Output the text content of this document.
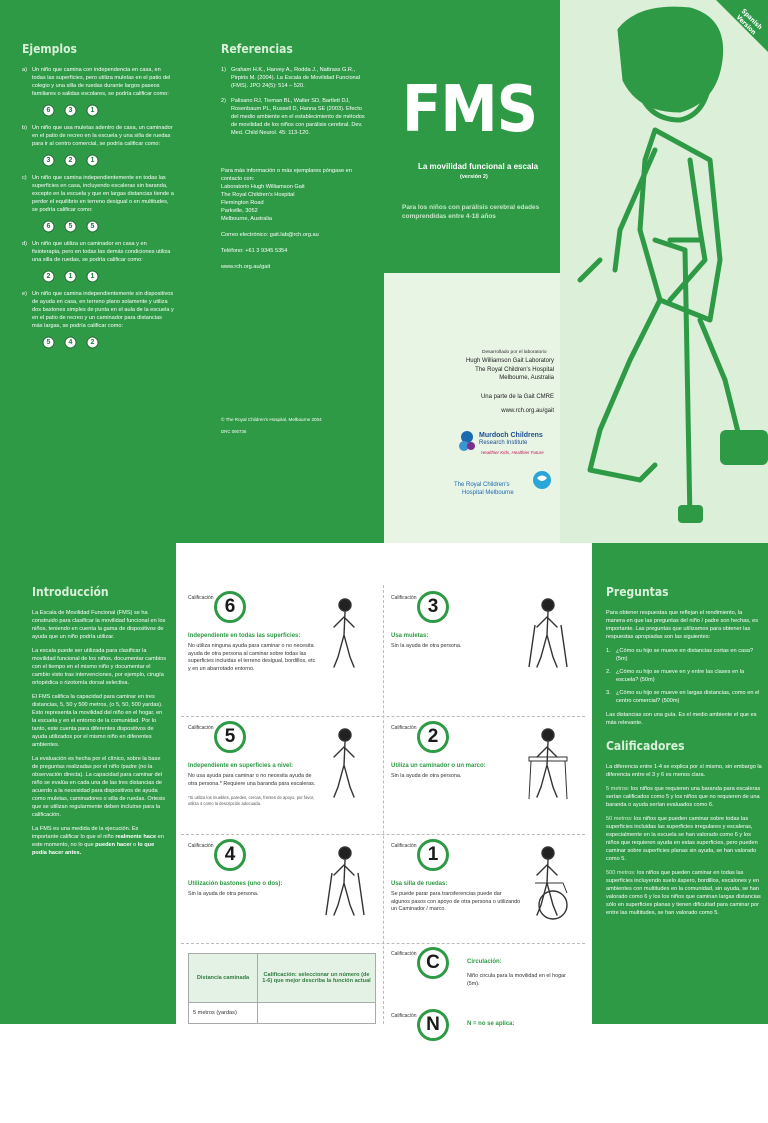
Ejemplos
a) Un niño que camina con independencia en casa, en todas las superficies, pero utiliza muletas en el patio del colegio y una silla de ruedas durante largos paseos familiares o salidas escolares, se podría calificar como:
6	3	1
b) Un niño que usa muletas adentro de casa, un caminador en el patio de recreo en la escuela y una silla de ruedas para ir al centro comercial, se podría calificar como:
3	2	1
c) Un niño que camina independientemente en todas las superficies en casa, incluyendo escaleras sin baranda, excepto en la escuela y que en largas distancias tiende a perder el equilibrio en terreno desigual o en multitudes, se podría calificar como:
6	5	5
d) Un niño que utiliza un caminador en casa y en fisioterapia, pero en todas las demás condiciones utiliza una silla de ruedas, se podría calificar como:
2	1	1
e) Un niño que camina independientemente sin dispositivos de ayuda en casa, en terreno plano solamente y utiliza dos bastones simples de punta en el aula de la escuela y en el patio de recreo y un caminador para distancias más largas, se podría calificar como:
5	4	2
Referencias
1) Graham H.K., Harvey A., Rodda J., Nattrass G.R., Pirpiris M. (2004). La Escala de Movilidad Funcional (FMS). JPO 24(5): 514 – 520.
2) Palisano RJ, Tieman BL, Walter SD, Bartlett DJ, Rosenbaum PL, Russell D, Hanna SE (2003). Efecto del medio ambiente en el establecimiento de métodos de movilidad de los niños con parálisis cerebral. Dev. Med. Child Neurol. 45: 113-120.
Para más información o más ejemplares póngase en contacto con:
Laboratorio Hugh Williamson Gait
The Royal Children's Hospital
Flemington Road
Parkville, 3052
Melbourne, Australia
Correo electrónico: gait.lab@rch.org.au
Teléfono: +61 3 9345 5354
www.rch.org.au/gait
© The Royal Children's Hospital, Melbourne 2004
DRC 090736
Spanish Version
FMS
La movilidad funcional a escala
(versión 2)
Para los niños con parálisis cerebral edades comprendidas entre 4-18 años
Desarrollado por el laboratorio
Hugh Williamson Gait Laboratory
The Royal Children's Hospital
Melbourne, Australia
Una parte de la Gait CMRE
www.rch.org.au/gait
Murdoch Childrens
Research Institute
Healthier Kids, Healthier Future
The Royal Children's
Hospital Melbourne
Introducción

La Escala de Movilidad Funcional (FMS) se ha construido para clasificar la movilidad funcional en los niños, teniendo en cuenta la gama de dispositivos de ayuda que un niño podría utilizar.

La escala puede ser utilizada para clasificar la movilidad funcional de los niños, documentar cambios con el tiempo en el mismo niño y documentar el cambio visto tras intervenciones, por ejemplo, cirugía ortopédica o rizotomía dorsal selectiva.

El FMS califica la capacidad para caminar en tres distancias, 5, 50 y 500 metros, (o 5, 50, 500 yardas). Esto representa la movilidad del niño en el hogar, en la escuela y en el entorno de la comunidad. Por lo tanto, este cuenta para diferentes dispositivos de ayuda utilizados por el mismo niño en diferentes ambientes.

La evaluación es hecha por el clínico, sobre la base de preguntas realizadas por el niño /padre (no la observación directa). La capacidad para caminar del niño se evalúa en cada una de las tres distancias de acuerdo a la necesidad para dispositivos de ayuda como muletas, caminadores o silla de ruedas. Ortesis que se utilizan regularmente deben incluirse para la calificación.

La FMS es una medida de la ejecución. Es importante calificar lo que el niño realmente hace en este momento, no lo que pueden hacer o lo que podía hacer antes.
Calificación 6
Independiente en todas las superficies:
No utiliza ninguna ayuda para caminar o no necesita ayuda de otra persona al caminar sobre todas las superficies incluidas el terreno desigual, bordillos, etc y en un abarrotado entorno.
Calificación 3
Usa muletas:
Sin la ayuda de otra persona.
Calificación 5
Independiente en superficies a nivel:
No usa ayuda para caminar o no necesita ayuda de otra persona.* Requiere una baranda para escaleras.
*Si utiliza los muebles, paredes, cercas, frentes de apoyo, por favor, utiliza 4 como la descripción adecuada.
Calificación 2
Utiliza un caminador o un marco:
Sin la ayuda de otra persona.
Calificación 4
Utilización bastones (uno o dos):
Sin la ayuda de otra persona.
Calificación 1
Usa silla de ruedas:
Se puede parar para transferencias puede dar algunos pasos con apoyo de otra persona o utilizando un Caminador / marco.
Calificación C	Circulación:
Niño circula para la movilidad en el hogar (5m).
Calificación N	N = no se aplica:
Distancia caminada	Calificación: seleccionar un número (de 1-6) que mejor describa la función actual
5 metros (yardas)	
Preguntas
Para obtener respuestas que reflejan el rendimiento, la manera en que las preguntas del niño / padre son hechas, es importante. Las preguntas que utilizamos para obtener las respuestas apropiadas son las siguientes:
1. ¿Cómo su hijo se mueve en distancias cortas en casa? (5m)
2. ¿Cómo su hijo se mueve en y entre las clases en la escuela? (50m)
3. ¿Cómo su hijo se mueve en largas distancias, como en el centro comercial? (500m)
Las distancias son una guía. Es el medio ambiente el que es más relevante.
Calificadores

La diferencia entre 1-4 se explica por sí mismo, sin embargo la diferencia entre el 3 y 6 es menos clara.

5 metros: los niños que requieren una baranda para escaleras serían calificados como 5 y los niños que no requieren de una baranda o ayuda serían evaluados como 6.

50 metros: los niños que pueden caminar sobre todas las superficies incluidas las superficies irregulares y escaleras, especialmente en la escuela se han valorado como 6 y los niños que requieren ayuda en estas superficies, pero pueden caminar sobre superficies planas sin ayuda, se han valorado como 5.

500 metros: los niños que pueden caminar en todas las superficies incluyendo suelo áspero, bordillos, escalones y en ambientes con multitudes en la comunidad, sin ayuda, se han valorado como 6 y los los niños que caminan largas distancias sólo en superficies planas y tienen dificultad para caminar por entre las multitudes, se han valorado como 5.
